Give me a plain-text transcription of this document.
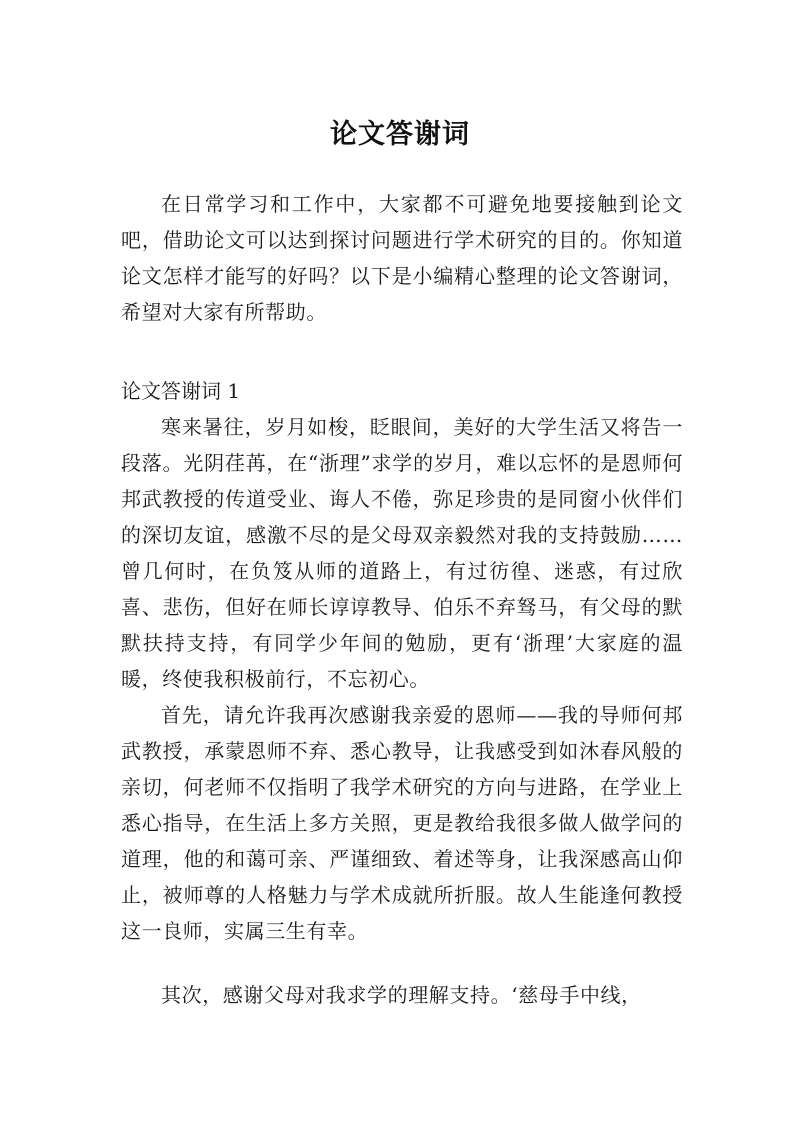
论文答谢词

在日常学习和工作中，大家都不可避免地要接触到论文吧，借助论文可以达到探讨问题进行学术研究的目的。你知道论文怎样才能写的好吗？以下是小编精心整理的论文答谢词，希望对大家有所帮助。

论文答谢词 1

寒来暑往，岁月如梭，眨眼间，美好的大学生活又将告一段落。光阴荏苒，在“浙理”求学的岁月，难以忘怀的是恩师何邦武教授的传道受业、诲人不倦，弥足珍贵的是同窗小伙伴们的深切友谊，感激不尽的是父母双亲毅然对我的支持鼓励……曾几何时，在负笈从师的道路上，有过彷徨、迷惑，有过欣喜、悲伤，但好在师长谆谆教导、伯乐不弃驽马，有父母的默默扶持支持，有同学少年间的勉励，更有‘浙理’大家庭的温暖，终使我积极前行，不忘初心。

首先，请允许我再次感谢我亲爱的恩师——我的导师何邦武教授，承蒙恩师不弃、悉心教导，让我感受到如沐春风般的亲切，何老师不仅指明了我学术研究的方向与进路，在学业上悉心指导，在生活上多方关照，更是教给我很多做人做学问的道理，他的和蔼可亲、严谨细致、着述等身，让我深感高山仰止，被师尊的人格魅力与学术成就所折服。故人生能逢何教授这一良师，实属三生有幸。

其次，感谢父母对我求学的理解支持。‘慈母手中线，
